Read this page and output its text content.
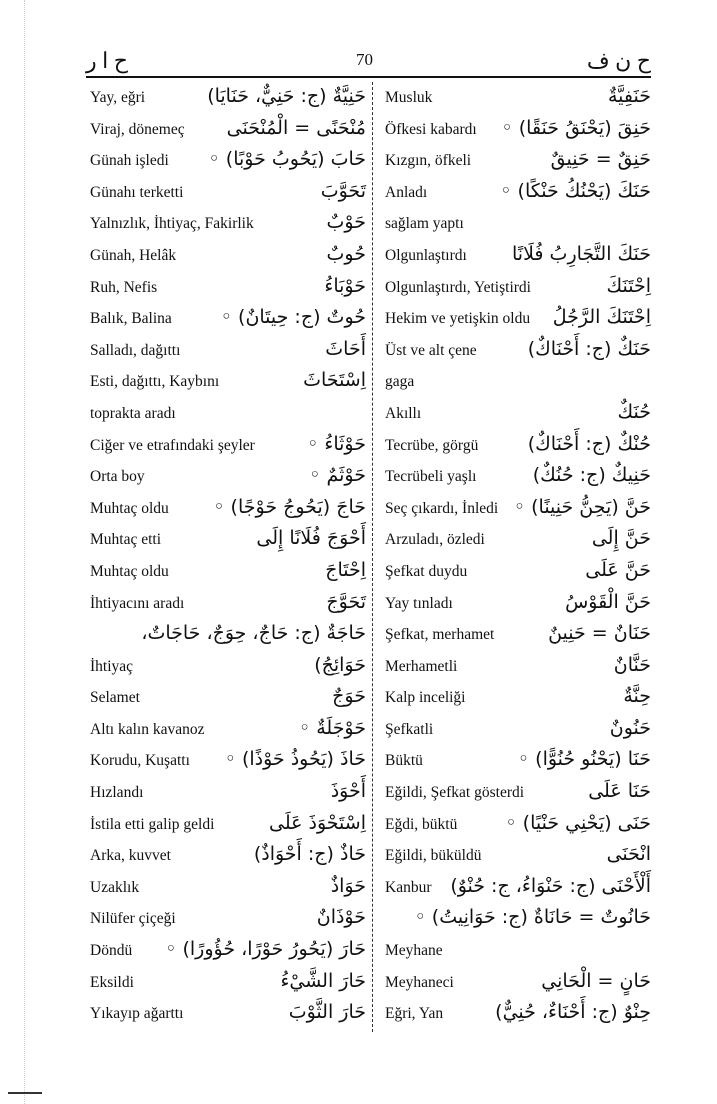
ح ا ر	70	ح ن ف
Yay, eğri	حَنِيَّةٌ (ج: حَنِيٌّ، حَنَايَا)
Viraj, dönemeç مُنْحَنًى = الْمُنْحَنَى
Günah işledi حَابَ (يَحُوبُ حَوْبًا) ◦
Günahı terketti	تَحَوَّبَ
Yalnızlık, İhtiyaç, Fakirlik	حَوْبٌ
Günah, Helâk	حُوبٌ
Ruh, Nefis	حَوْبَاءُ
Balık, Balina	حُوتٌ (ج: حِيتَانٌ) ◦
Salladı, dağıttı	أَحَاثَ
Esti, dağıttı, Kaybını	اِسْتَحَاثَ
toprakta aradı
Ciğer ve etrafındaki şeyler	حَوْثَاءُ ◦
Orta boy	حَوْثَمٌ ◦
Muhtaç oldu حَاجَ (يَحُوجُ حَوْجًا) ◦
Muhtaç etti	أَحْوَجَ فُلَانًا إِلَى
Muhtaç oldu	اِحْتَاجَ
İhtiyacını aradı	تَحَوَّجَ
حَاجَةٌ (ج: حَاجٌ، حِوَجٌ، حَاجَاتٌ،
İhtiyaç	حَوَائِجُ)
Selamet	حَوَجٌ
Altı kalın kavanoz	حَوْجَلَةٌ ◦
Korudu, Kuşattı حَاذَ (يَحُوذُ حَوْذًا) ◦
Hızlandı	أَحْوَذَ
İstila etti galip geldi	اِسْتَحْوَذَ عَلَى
Arka, kuvvet	حَاذٌ (ج: أَحْوَاذٌ)
Uzaklık	حَوَاذٌ
Nilüfer çiçeği	حَوْذَانٌ
Döndü حَارَ (يَحُورُ حَوْرًا، حُؤُورًا) ◦
Eksildi	حَارَ الشَّيْءُ
Yıkayıp ağarttı	حَارَ الثَّوْبَ
Musluk	حَنَفِيَّةٌ
Öfkesi kabardı حَنِقَ (يَحْنَقُ حَنَقًا) ◦
Kızgın, öfkeli	حَنِقٌ = حَنِيقٌ
Anladı	حَنَكَ (يَحْنُكُ حَنْكًا) ◦
sağlam yaptı
Olgunlaştırdı حَنَكَ التَّجَارِبُ فُلَانًا
Olgunlaştırdı, Yetiştirdi	اِحْتَنَكَ
Hekim ve yetişkin oldu اِحْتَنَكَ الرَّجُلُ
Üst ve alt çene	حَنَكٌ (ج: أَحْنَاكٌ)
gaga
Akıllı	حُنَكٌ
Tecrübe, görgü	حُنْكٌ (ج: أَحْنَاكٌ)
Tecrübeli yaşlı	حَنِيكٌ (ج: حُنُكٌ)
Seç çıkardı, İnledi حَنَّ (يَحِنُّ حَنِينًا) ◦
Arzuladı, özledi	حَنَّ إِلَى
Şefkat duydu	حَنَّ عَلَى
Yay tınladı	حَنَّ الْقَوْسُ
Şefkat, merhamet	حَنَانٌ = حَنِينٌ
Merhametli	حَنَّانٌ
Kalp inceliği	حِنَّةٌ
Şefkatli	حَنُونٌ
Büktü	حَنَا (يَحْنُو حُنُوًّا) ◦
Eğildi, Şefkat gösterdi	حَنَا عَلَى
Eğdi, büktü	حَنَى (يَحْنِي حَنْيًا) ◦
Eğildi, büküldü	انْحَنَى
Kanbur أَلْأَحْنَى (ج: حَنْوَاءُ، ج: حُنْوٌ)
حَانُوتٌ = حَانَاةٌ (ج: حَوَانِيتُ) ◦
Meyhane
Meyhaneci	حَانٍ = الْحَانِي
Eğri, Yan	حِنْوٌ (ج: أَحْنَاءٌ، حُنِيٌّ)
